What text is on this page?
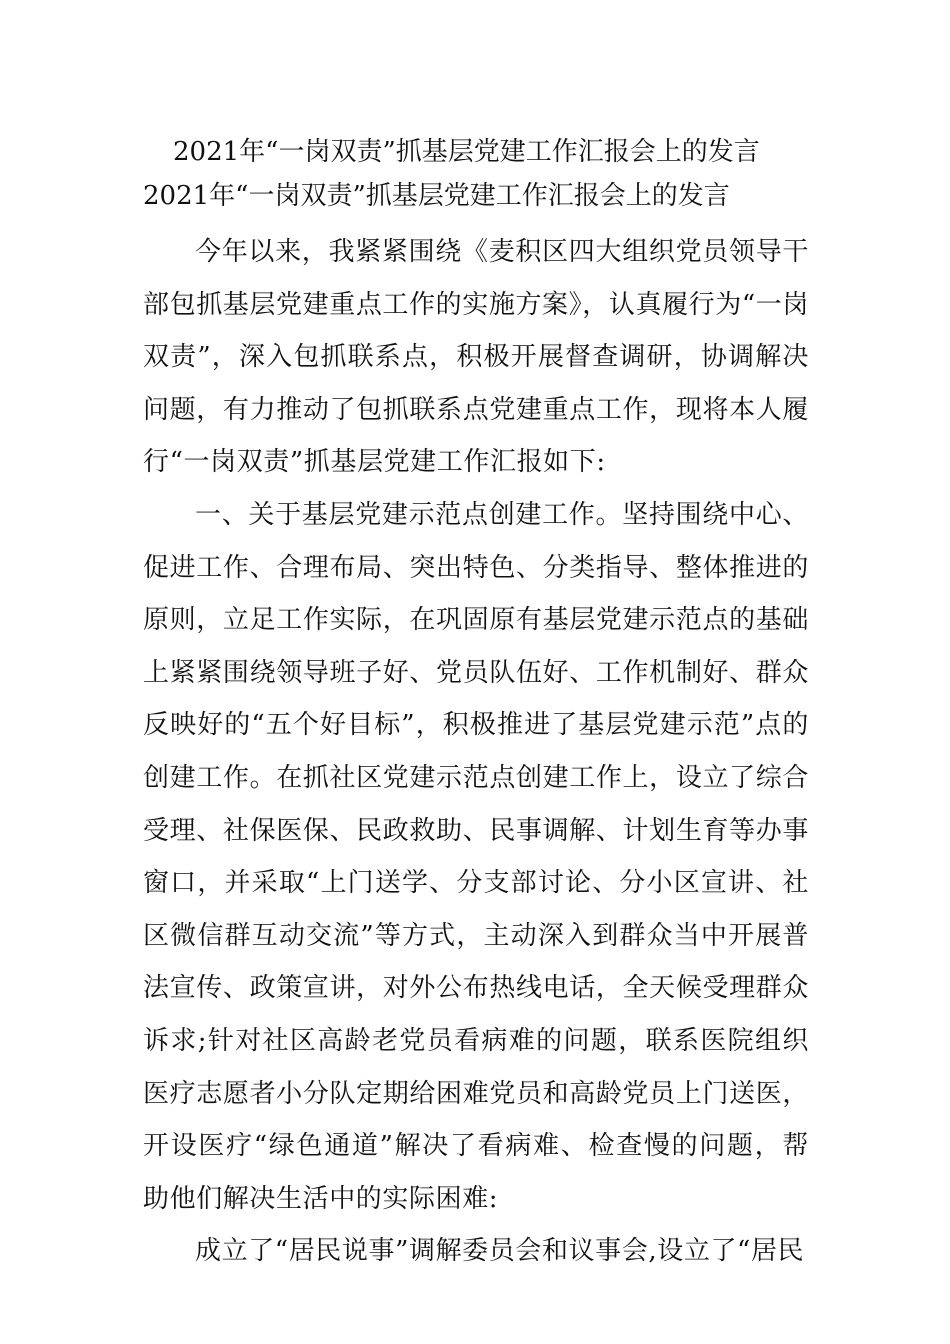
2021年“一岗双责”抓基层党建工作汇报会上的发言
2021年“一岗双责”抓基层党建工作汇报会上的发言

今年以来，我紧紧围绕《麦积区四大组织党员领导干部包抓基层党建重点工作的实施方案》，认真履行为“一岗双责”，深入包抓联系点，积极开展督查调研，协调解决问题，有力推动了包抓联系点党建重点工作，现将本人履行“一岗双责”抓基层党建工作汇报如下:

一、关于基层党建示范点创建工作。坚持围绕中心、促进工作、合理布局、突出特色、分类指导、整体推进的原则，立足工作实际，在巩固原有基层党建示范点的基础上紧紧围绕领导班子好、党员队伍好、工作机制好、群众反映好的“五个好目标”，积极推进了基层党建示范”点的创建工作。在抓社区党建示范点创建工作上，设立了综合受理、社保医保、民政救助、民事调解、计划生育等办事窗口，并采取“上门送学、分支部讨论、分小区宣讲、社区微信群互动交流”等方式，主动深入到群众当中开展普法宣传、政策宣讲，对外公布热线电话，全天候受理群众诉求;针对社区高龄老党员看病难的问题，联系医院组织医疗志愿者小分队定期给困难党员和高龄党员上门送医，开设医疗“绿色通道”解决了看病难、检查慢的问题，帮助他们解决生活中的实际困难:

成立了“居民说事”调解委员会和议事会,设立了“居民
